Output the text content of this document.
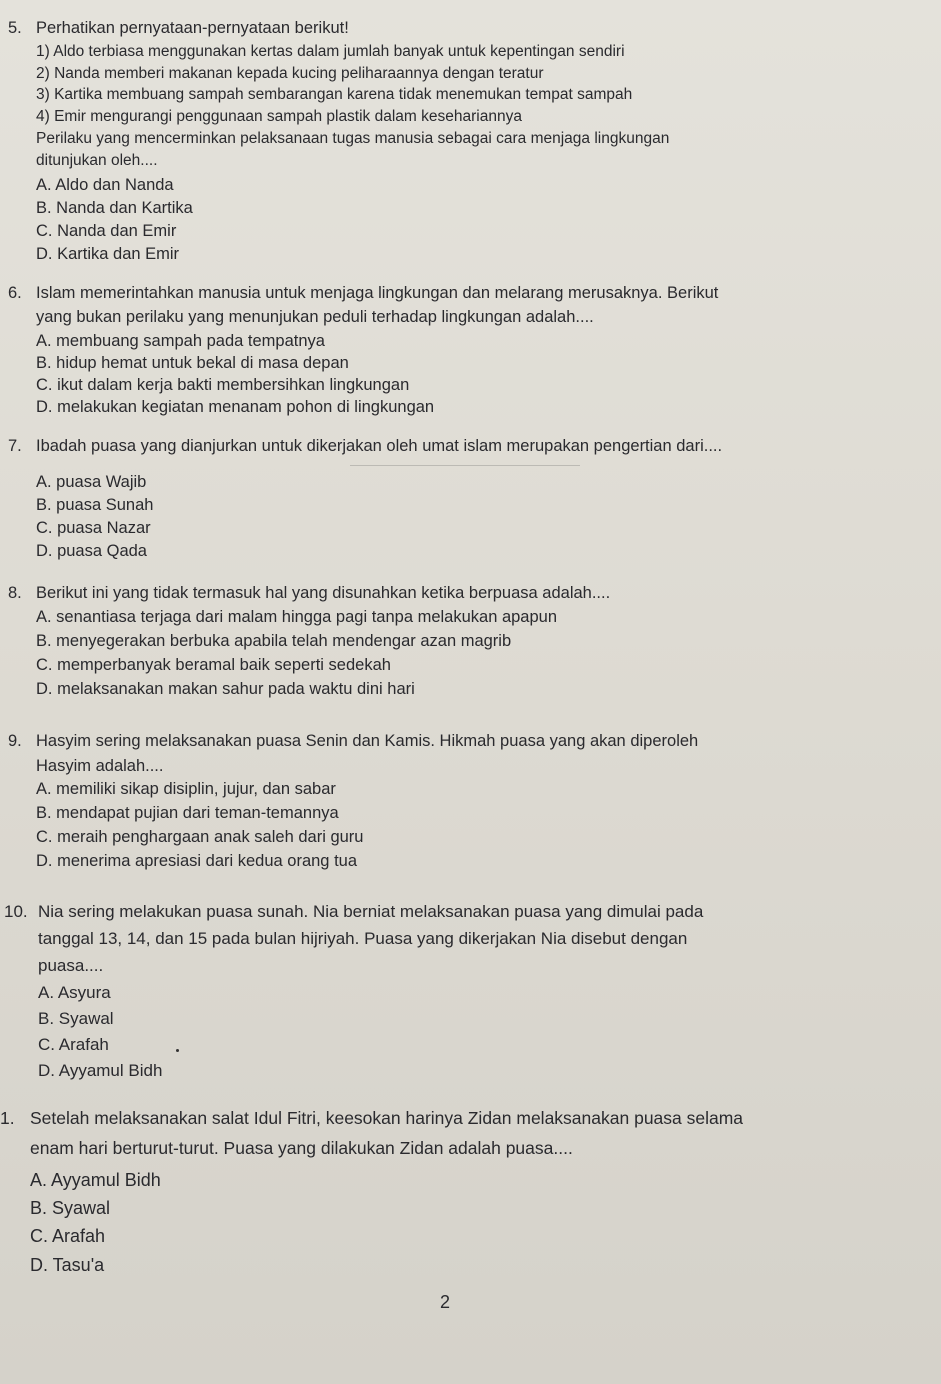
5. Perhatikan pernyataan-pernyataan berikut!
1) Aldo terbiasa menggunakan kertas dalam jumlah banyak untuk kepentingan sendiri
2) Nanda memberi makanan kepada kucing peliharaannya dengan teratur
3) Kartika membuang sampah sembarangan karena tidak menemukan tempat sampah
4) Emir mengurangi penggunaan sampah plastik dalam kesehariannya
Perilaku yang mencerminkan pelaksanaan tugas manusia sebagai cara menjaga lingkungan
ditunjukan oleh....
A. Aldo dan Nanda
B. Nanda dan Kartika
C. Nanda dan Emir
D. Kartika dan Emir
6. Islam memerintahkan manusia untuk menjaga lingkungan dan melarang merusaknya. Berikut
yang bukan perilaku yang menunjukan peduli terhadap lingkungan adalah....
A. membuang sampah pada tempatnya
B. hidup hemat untuk bekal di masa depan
C. ikut dalam kerja bakti membersihkan lingkungan
D. melakukan kegiatan menanam pohon di lingkungan
7. Ibadah puasa yang dianjurkan untuk dikerjakan oleh umat islam merupakan pengertian dari....
A. puasa Wajib
B. puasa Sunah
C. puasa Nazar
D. puasa Qada
8. Berikut ini yang tidak termasuk hal yang disunahkan ketika berpuasa adalah....
A. senantiasa terjaga dari malam hingga pagi tanpa melakukan apapun
B. menyegerakan berbuka apabila telah mendengar azan magrib
C. memperbanyak beramal baik seperti sedekah
D. melaksanakan makan sahur pada waktu dini hari
9. Hasyim sering melaksanakan puasa Senin dan Kamis. Hikmah puasa yang akan diperoleh
Hasyim adalah....
A. memiliki sikap disiplin, jujur, dan sabar
B. mendapat pujian dari teman-temannya
C. meraih penghargaan anak saleh dari guru
D. menerima apresiasi dari kedua orang tua
10. Nia sering melakukan puasa sunah. Nia berniat melaksanakan puasa yang dimulai pada
tanggal 13, 14, dan 15 pada bulan hijriyah. Puasa yang dikerjakan Nia disebut dengan
puasa....
A. Asyura
B. Syawal
C. Arafah
D. Ayyamul Bidh
1. Setelah melaksanakan salat Idul Fitri, keesokan harinya Zidan melaksanakan puasa selama
enam hari berturut-turut. Puasa yang dilakukan Zidan adalah puasa....
A. Ayyamul Bidh
B. Syawal
C. Arafah
D. Tasu'a
2
